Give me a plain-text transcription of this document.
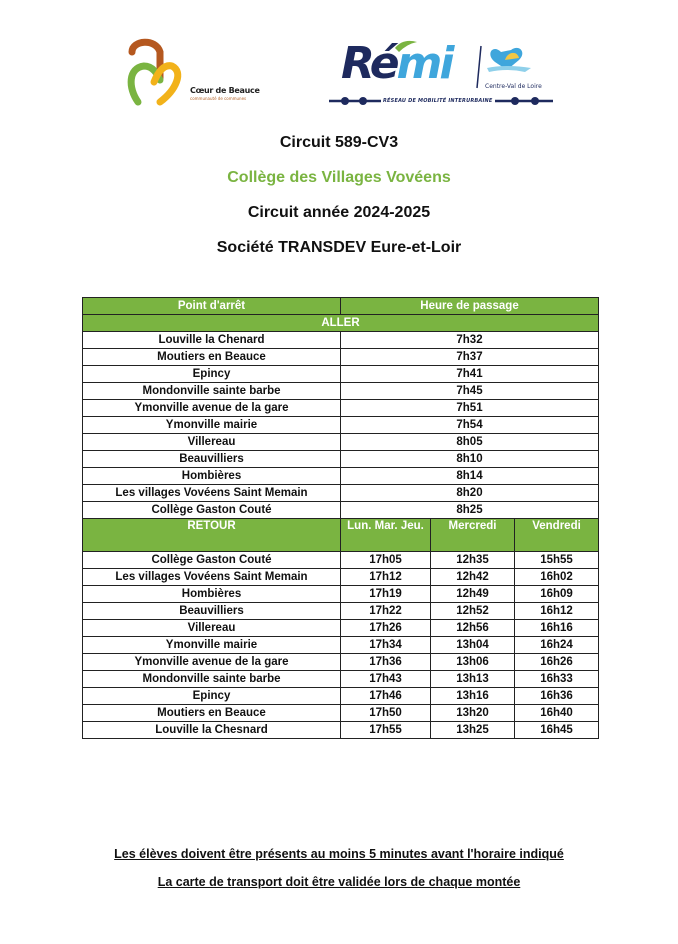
Cœur de Beauce
communauté de communes
Rémi	Centre-Val de Loire
RÉSEAU DE MOBILITÉ INTERURBAINE
Circuit 589-CV3
Collège des Villages Vovéens
Circuit année 2024-2025
Société TRANSDEV Eure-et-Loir
Point d'arrêt	Heure de passage		
ALLER			
Louville la Chenard	7h32		
Moutiers en Beauce	7h37		
Epincy	7h41		
Mondonville sainte barbe	7h45		
Ymonville avenue de la gare	7h51		
Ymonville mairie	7h54		
Villereau	8h05		
Beauvilliers	8h10		
Hombières	8h14		
Les villages Vovéens Saint Memain	8h20		
Collège Gaston Couté	8h25		
RETOUR	Lun. Mar. Jeu.	Mercredi	Vendredi
Collège Gaston Couté	17h05	12h35	15h55
Les villages Vovéens Saint Memain	17h12	12h42	16h02
Hombières	17h19	12h49	16h09
Beauvilliers	17h22	12h52	16h12
Villereau	17h26	12h56	16h16
Ymonville mairie	17h34	13h04	16h24
Ymonville avenue de la gare	17h36	13h06	16h26
Mondonville sainte barbe	17h43	13h13	16h33
Epincy	17h46	13h16	16h36
Moutiers en Beauce	17h50	13h20	16h40
Louville la Chesnard	17h55	13h25	16h45
Les élèves doivent être présents au moins 5 minutes avant l'horaire indiqué
La carte de transport doit être validée lors de chaque montée
